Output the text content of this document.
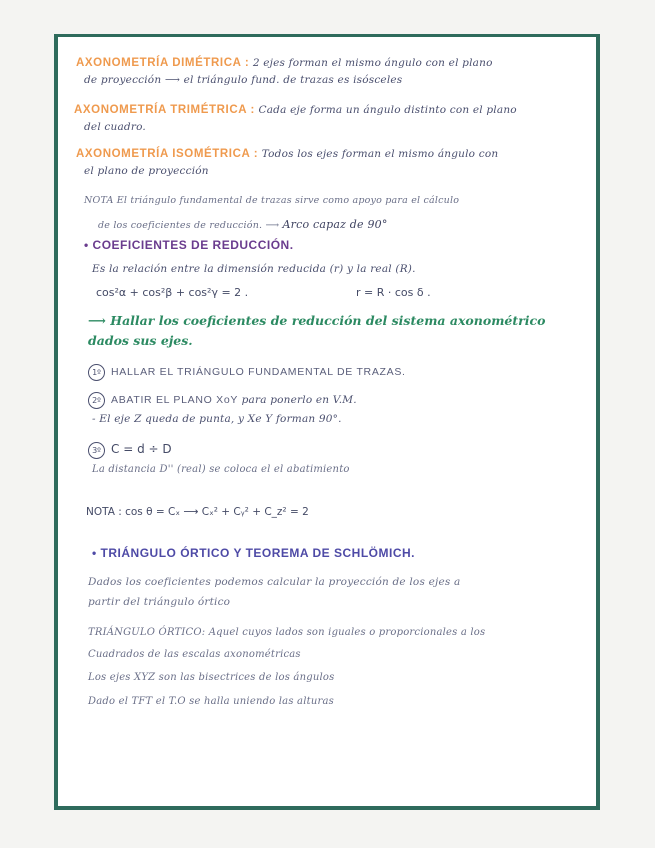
AXONOMETRÍA DIMÉTRICA : 2 ejes forman el mismo ángulo con el plano
de proyección ⟶ el triángulo fund. de trazas es isósceles
AXONOMETRÍA TRIMÉTRICA : Cada eje forma un ángulo distinto con el plano
del cuadro.
AXONOMETRÍA ISOMÉTRICA : Todos los ejes forman el mismo ángulo con
el plano de proyección
NOTA El triángulo fundamental de trazas sirve como apoyo para el cálculo
de los coeficientes de reducción. ⟶ Arco capaz de 90°
• COEFICIENTES DE REDUCCIÓN.
Es la relación entre la dimensión reducida (r) y la real (R).
cos²α + cos²β + cos²γ = 2 .	r = R · cos δ .
⟶ Hallar los coeficientes de reducción del sistema axonométrico
dados sus ejes.
1º HALLAR EL TRIÁNGULO FUNDAMENTAL DE TRAZAS.
2º ABATIR EL PLANO XoY para ponerlo en V.M.
- El eje Z queda de punta, y Xe Y forman 90°.
3º C = d ÷ D
La distancia D'' (real) se coloca el el abatimiento
NOTA : cos θ = Cₓ ⟶ Cₓ² + Cᵧ² + C_z² = 2
• TRIÁNGULO ÓRTICO Y TEOREMA DE SCHLÖMICH.
Dados los coeficientes podemos calcular la proyección de los ejes a
partir del triángulo órtico
TRIÁNGULO ÓRTICO: Aquel cuyos lados son iguales o proporcionales a los
Cuadrados de las escalas axonométricas
Los ejes XYZ son las bisectrices de los ángulos
Dado el TFT el T.O se halla uniendo las alturas
